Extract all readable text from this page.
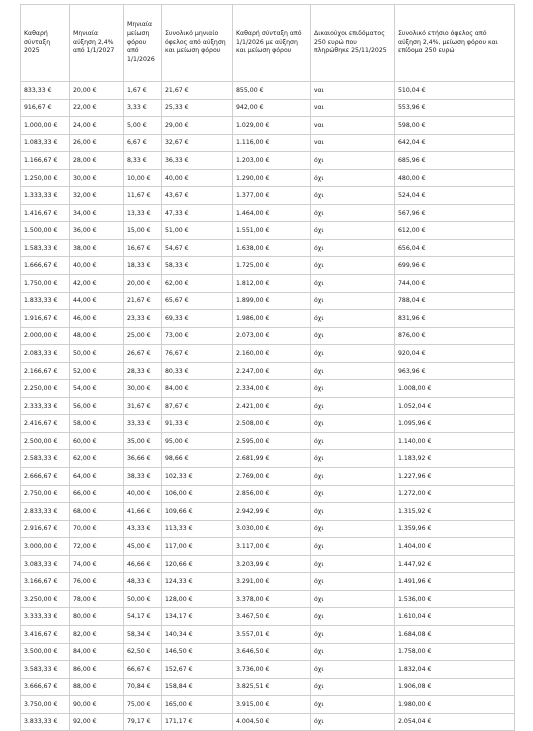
Καθαρή σύνταξη 2025	Μηνιαία αύξηση 2,4% από 1/1/2027	Μηνιαία μείωση φόρου από 1/1/2026	Συνολικό μηνιαίο όφελος από αύξηση και μείωση φόρου	Καθαρή σύνταξη από 1/1/2026 με αύξηση και μείωση φόρου	Δικαιούχοι επιδόματος 250 ευρώ που πληρώθηκε 25/11/2025	Συνολικό ετήσιο όφελος από αύξηση 2,4%, μείωση φόρου και επίδομα 250 ευρώ
833,33 €	20,00 €	1,67 €	21,67 €	855,00 €	ναι	510,04 €
916,67 €	22,00 €	3,33 €	25,33 €	942,00 €	ναι	553,96 €
1.000,00 €	24,00 €	5,00 €	29,00 €	1.029,00 €	ναι	598,00 €
1.083,33 €	26,00 €	6,67 €	32,67 €	1.116,00 €	ναι	642,04 €
1.166,67 €	28,00 €	8,33 €	36,33 €	1.203,00 €	όχι	685,96 €
1.250,00 €	30,00 €	10,00 €	40,00 €	1.290,00 €	όχι	480,00 €
1.333,33 €	32,00 €	11,67 €	43,67 €	1.377,00 €	όχι	524,04 €
1.416,67 €	34,00 €	13,33 €	47,33 €	1.464,00 €	όχι	567,96 €
1.500,00 €	36,00 €	15,00 €	51,00 €	1.551,00 €	όχι	612,00 €
1.583,33 €	38,00 €	16,67 €	54,67 €	1.638,00 €	όχι	656,04 €
1.666,67 €	40,00 €	18,33 €	58,33 €	1.725,00 €	όχι	699,96 €
1.750,00 €	42,00 €	20,00 €	62,00 €	1.812,00 €	όχι	744,00 €
1.833,33 €	44,00 €	21,67 €	65,67 €	1.899,00 €	όχι	788,04 €
1.916,67 €	46,00 €	23,33 €	69,33 €	1.986,00 €	όχι	831,96 €
2.000,00 €	48,00 €	25,00 €	73,00 €	2.073,00 €	όχι	876,00 €
2.083,33 €	50,00 €	26,67 €	76,67 €	2.160,00 €	όχι	920,04 €
2.166,67 €	52,00 €	28,33 €	80,33 €	2.247,00 €	όχι	963,96 €
2.250,00 €	54,00 €	30,00 €	84,00 €	2.334,00 €	όχι	1.008,00 €
2.333,33 €	56,00 €	31,67 €	87,67 €	2.421,00 €	όχι	1.052,04 €
2.416,67 €	58,00 €	33,33 €	91,33 €	2.508,00 €	όχι	1.095,96 €
2.500,00 €	60,00 €	35,00 €	95,00 €	2.595,00 €	όχι	1.140,00 €
2.583,33 €	62,00 €	36,66 €	98,66 €	2.681,99 €	όχι	1.183,92 €
2.666,67 €	64,00 €	38,33 €	102,33 €	2.769,00 €	όχι	1.227,96 €
2.750,00 €	66,00 €	40,00 €	106,00 €	2.856,00 €	όχι	1.272,00 €
2.833,33 €	68,00 €	41,66 €	109,66 €	2.942,99 €	όχι	1.315,92 €
2.916,67 €	70,00 €	43,33 €	113,33 €	3.030,00 €	όχι	1.359,96 €
3.000,00 €	72,00 €	45,00 €	117,00 €	3.117,00 €	όχι	1.404,00 €
3.083,33 €	74,00 €	46,66 €	120,66 €	3.203,99 €	όχι	1.447,92 €
3.166,67 €	76,00 €	48,33 €	124,33 €	3.291,00 €	όχι	1.491,96 €
3.250,00 €	78,00 €	50,00 €	128,00 €	3.378,00 €	όχι	1.536,00 €
3.333,33 €	80,00 €	54,17 €	134,17 €	3.467,50 €	όχι	1.610,04 €
3.416,67 €	82,00 €	58,34 €	140,34 €	3.557,01 €	όχι	1.684,08 €
3.500,00 €	84,00 €	62,50 €	146,50 €	3.646,50 €	όχι	1.758,00 €
3.583,33 €	86,00 €	66,67 €	152,67 €	3.736,00 €	όχι	1.832,04 €
3.666,67 €	88,00 €	70,84 €	158,84 €	3.825,51 €	όχι	1.906,08 €
3.750,00 €	90,00 €	75,00 €	165,00 €	3.915,00 €	όχι	1.980,00 €
3.833,33 €	92,00 €	79,17 €	171,17 €	4.004,50 €	όχι	2.054,04 €
